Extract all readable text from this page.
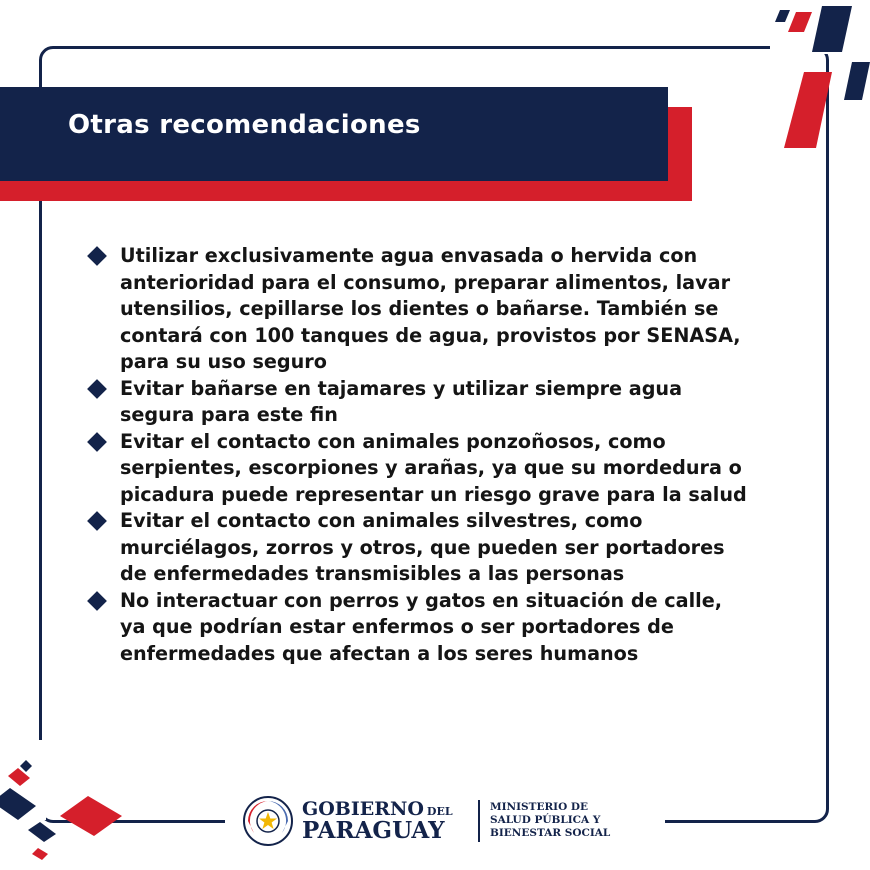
Otras recomendaciones
Utilizar exclusivamente agua envasada o hervida con anterioridad para el consumo, preparar alimentos, lavar utensilios, cepillarse los dientes o bañarse. También se contará con 100 tanques de agua, provistos por SENASA, para su uso seguro
Evitar bañarse en tajamares y utilizar siempre agua segura para este fin
Evitar el contacto con animales ponzoñosos, como serpientes, escorpiones y arañas, ya que su mordedura o picadura puede representar un riesgo grave para la salud
Evitar el contacto con animales silvestres, como murciélagos, zorros y otros, que pueden ser portadores de enfermedades transmisibles a las personas
No interactuar con perros y gatos en situación de calle, ya que podrían estar enfermos o ser portadores de enfermedades que afectan a los seres humanos
GOBIERNO DEL
PARAGUAY
MINISTERIO DE
SALUD PÚBLICA Y
BIENESTAR SOCIAL
